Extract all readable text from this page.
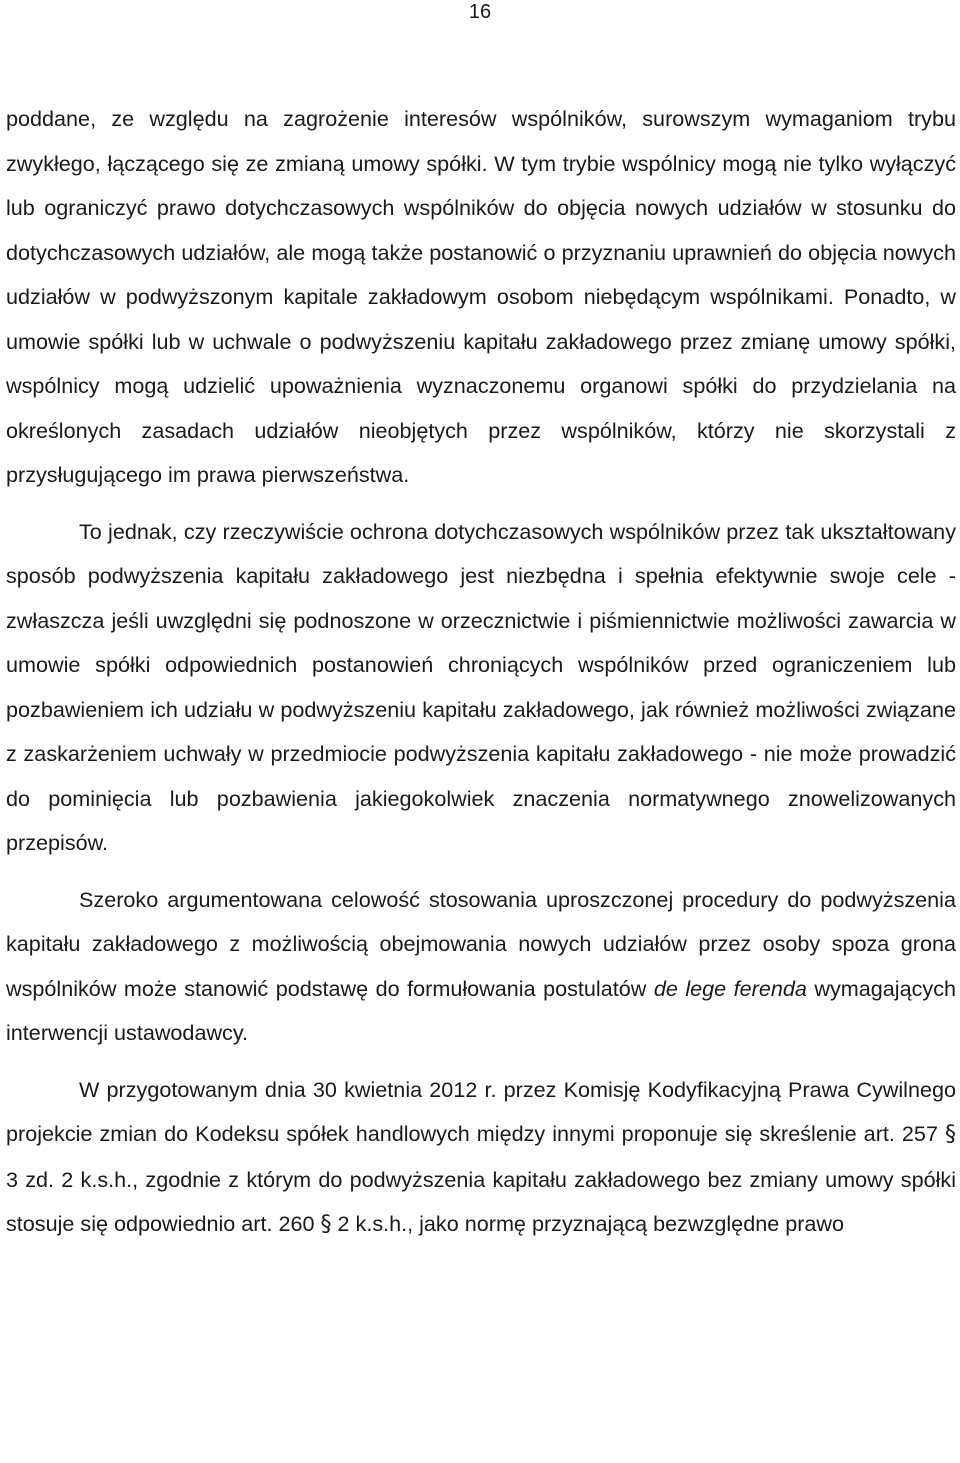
16

poddane, ze względu na zagrożenie interesów wspólników, surowszym wymaganiom trybu zwykłego, łączącego się ze zmianą umowy spółki. W tym trybie wspólnicy mogą nie tylko wyłączyć lub ograniczyć prawo dotychczasowych wspólników do objęcia nowych udziałów w stosunku do dotychczasowych udziałów, ale mogą także postanowić o przyznaniu uprawnień do objęcia nowych udziałów w podwyższonym kapitale zakładowym osobom niebędącym wspólnikami. Ponadto, w umowie spółki lub w uchwale o podwyższeniu kapitału zakładowego przez zmianę umowy spółki, wspólnicy mogą udzielić upoważnienia wyznaczonemu organowi spółki do przydzielania na określonych zasadach udziałów nieobjętych przez wspólników, którzy nie skorzystali z przysługującego im prawa pierwszeństwa.

To jednak, czy rzeczywiście ochrona dotychczasowych wspólników przez tak ukształtowany sposób podwyższenia kapitału zakładowego jest niezbędna i spełnia efektywnie swoje cele - zwłaszcza jeśli uwzględni się podnoszone w orzecznictwie i piśmiennictwie możliwości zawarcia w umowie spółki odpowiednich postanowień chroniących wspólników przed ograniczeniem lub pozbawieniem ich udziału w podwyższeniu kapitału zakładowego, jak również możliwości związane z zaskarżeniem uchwały w przedmiocie podwyższenia kapitału zakładowego - nie może prowadzić do pominięcia lub pozbawienia jakiegokolwiek znaczenia normatywnego znowelizowanych przepisów.

Szeroko argumentowana celowość stosowania uproszczonej procedury do podwyższenia kapitału zakładowego z możliwością obejmowania nowych udziałów przez osoby spoza grona wspólników może stanowić podstawę do formułowania postulatów de lege ferenda wymagających interwencji ustawodawcy.

W przygotowanym dnia 30 kwietnia 2012 r. przez Komisję Kodyfikacyjną Prawa Cywilnego projekcie zmian do Kodeksu spółek handlowych między innymi proponuje się skreślenie art. 257 § 3 zd. 2 k.s.h., zgodnie z którym do podwyższenia kapitału zakładowego bez zmiany umowy spółki stosuje się odpowiednio art. 260 § 2 k.s.h., jako normę przyznającą bezwzględne prawo
